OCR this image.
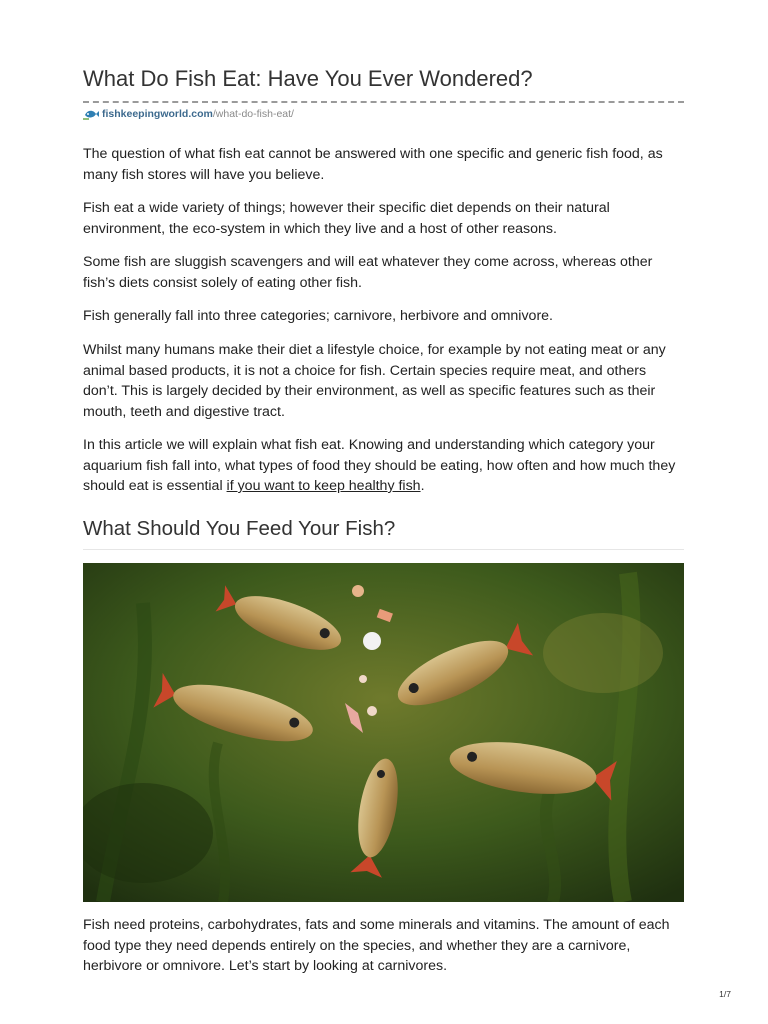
What Do Fish Eat: Have You Ever Wondered?
fishkeepingworld.com /what-do-fish-eat/

The question of what fish eat cannot be answered with one specific and generic fish food, as many fish stores will have you believe.

Fish eat a wide variety of things; however their specific diet depends on their natural environment, the eco-system in which they live and a host of other reasons.

Some fish are sluggish scavengers and will eat whatever they come across, whereas other fish’s diets consist solely of eating other fish.

Fish generally fall into three categories; carnivore, herbivore and omnivore.

Whilst many humans make their diet a lifestyle choice, for example by not eating meat or any animal based products, it is not a choice for fish. Certain species require meat, and others don’t. This is largely decided by their environment, as well as specific features such as their mouth, teeth and digestive tract.

In this article we will explain what fish eat. Knowing and understanding which category your aquarium fish fall into, what types of food they should be eating, how often and how much they should eat is essential if you want to keep healthy fish.

What Should You Feed Your Fish?

Fish need proteins, carbohydrates, fats and some minerals and vitamins. The amount of each food type they need depends entirely on the species, and whether they are a carnivore, herbivore or omnivore. Let’s start by looking at carnivores.

1/7
